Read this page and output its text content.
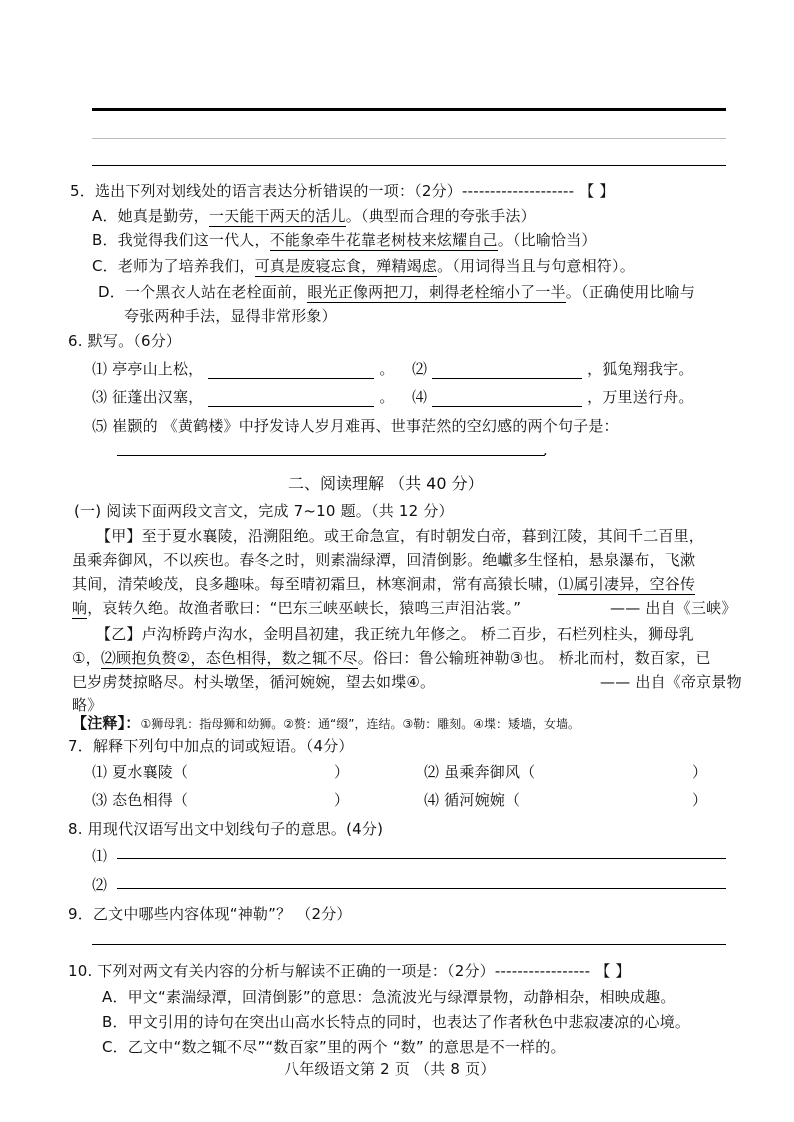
5．选出下列对划线处的语言表达分析错误的一项：（2分）-------------------- 【 】
A．她真是勤劳，一天能干两天的活儿。（典型而合理的夸张手法）
B．我觉得我们这一代人，不能象牵牛花靠老树枝来炫耀自己。（比喻恰当）
C．老师为了培养我们，可真是废寝忘食，殚精竭虑。（用词得当且与句意相符）。
D．一个黑衣人站在老栓面前，眼光正像两把刀，刺得老栓缩小了一半。（正确使用比喻与
夸张两种手法，显得非常形象）
6. 默写。（6分）
⑴ 亭亭山上松，	。 ⑵	，狐兔翔我宇。
⑶ 征蓬出汉塞，	。 ⑷	，万里送行舟。
⑸ 崔颢的 《黄鹤楼》中抒发诗人岁月难再、世事茫然的空幻感的两个句子是：
.
二、阅读理解 （共 40 分）
(一) 阅读下面两段文言文，完成 7~10 题。（共 12 分）
【甲】至于夏水襄陵，沿溯阻绝。或王命急宣，有时朝发白帝，暮到江陵，其间千二百里，
虽乘奔御风，不以疾也。春冬之时，则素湍绿潭，回清倒影。绝巘多生怪柏，悬泉瀑布，飞漱
其间，清荣峻茂，良多趣味。每至晴初霜旦，林寒涧肃，常有高猿长啸，⑴属引凄异，空谷传
响，哀转久绝。故渔者歌曰：“巴东三峡巫峡长，猿鸣三声泪沾裳。”	—— 出自《三峡》
【乙】卢沟桥跨卢沟水，金明昌初建，我正统九年修之。 桥二百步，石栏列柱头，狮母乳
①，⑵顾抱负赘②，态色相得，数之辄不尽。俗曰：鲁公输班神勒③也。 桥北而村，数百家，已
巳岁虏焚掠略尽。村头墩堡，循河婉婉，望去如堞④。	—— 出自《帝京景物
略》
【注释】：①狮母乳：指母狮和幼狮。②赘：通“缀”，连结。③勒：雕刻。④堞：矮墙，女墙。
7．解释下列句中加点的词或短语。（4分）
⑴ 夏水襄陵（	）	⑵ 虽乘奔御风（	）
⑶ 态色相得（	）	⑷ 循河婉婉（	）
8. 用现代汉语写出文中划线句子的意思。(4分)
⑴
⑵
9．乙文中哪些内容体现“神勒”？ （2分）
10. 下列对两文有关内容的分析与解读不正确的一项是：（2分）----------------- 【 】
A．甲文“素湍绿潭，回清倒影”的意思：急流波光与绿潭景物，动静相杂，相映成趣。
B．甲文引用的诗句在突出山高水长特点的同时，也表达了作者秋色中悲寂凄凉的心境。
C．乙文中“数之辄不尽”“数百家”里的两个 “数” 的意思是不一样的。
八年级语文第 2 页 （共 8 页）
